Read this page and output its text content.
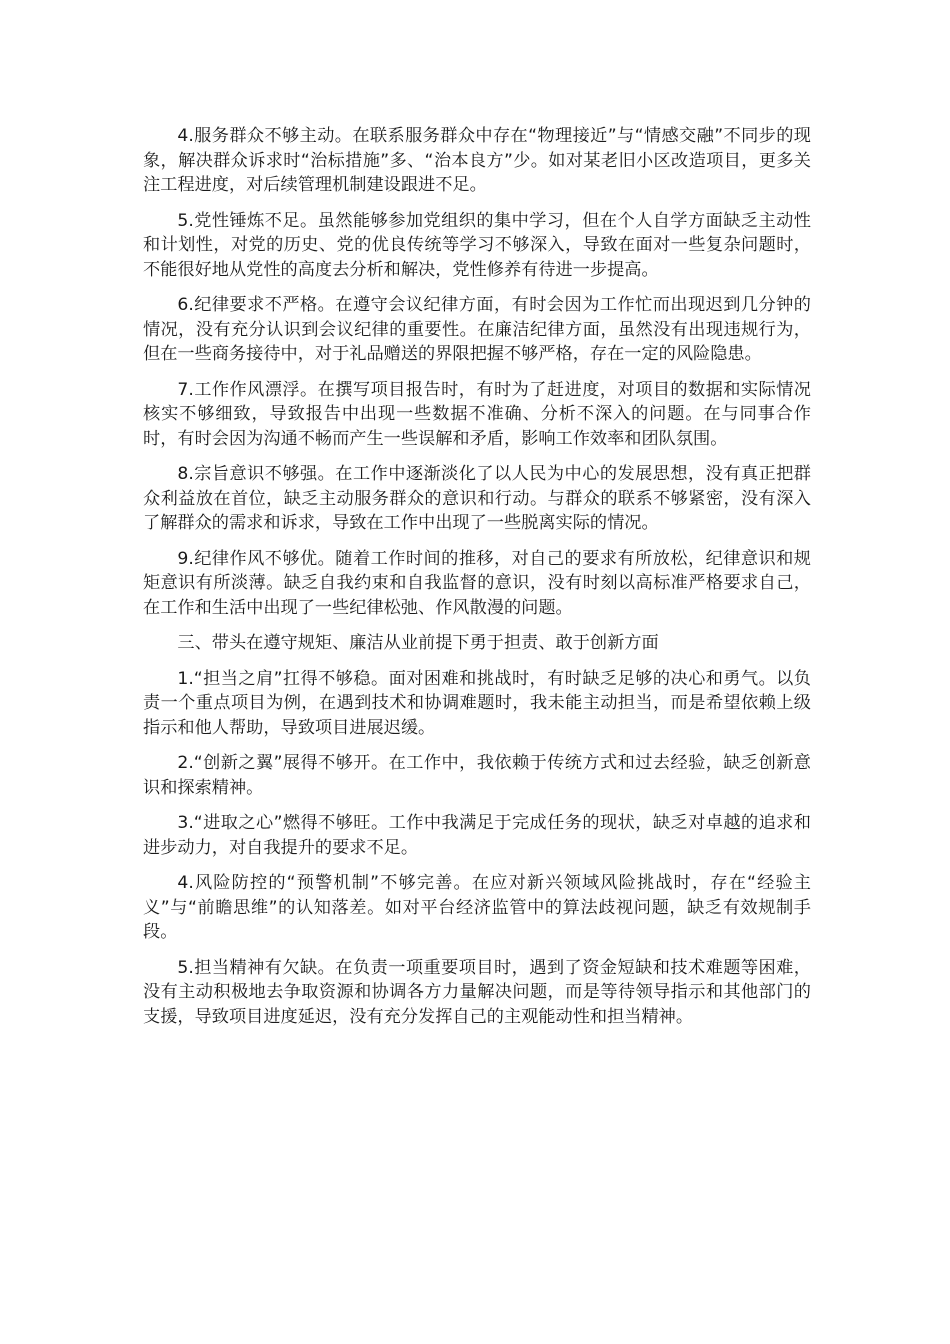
4.服务群众不够主动。在联系服务群众中存在“物理接近”与“情感交融”不同步的现象，解决群众诉求时“治标措施”多、“治本良方”少。如对某老旧小区改造项目，更多关注工程进度，对后续管理机制建设跟进不足。

5.党性锤炼不足。虽然能够参加党组织的集中学习，但在个人自学方面缺乏主动性和计划性，对党的历史、党的优良传统等学习不够深入，导致在面对一些复杂问题时，不能很好地从党性的高度去分析和解决，党性修养有待进一步提高。

6.纪律要求不严格。在遵守会议纪律方面，有时会因为工作忙而出现迟到几分钟的情况，没有充分认识到会议纪律的重要性。在廉洁纪律方面，虽然没有出现违规行为，但在一些商务接待中，对于礼品赠送的界限把握不够严格，存在一定的风险隐患。

7.工作作风漂浮。在撰写项目报告时，有时为了赶进度，对项目的数据和实际情况核实不够细致，导致报告中出现一些数据不准确、分析不深入的问题。在与同事合作时，有时会因为沟通不畅而产生一些误解和矛盾，影响工作效率和团队氛围。

8.宗旨意识不够强。在工作中逐渐淡化了以人民为中心的发展思想，没有真正把群众利益放在首位，缺乏主动服务群众的意识和行动。与群众的联系不够紧密，没有深入了解群众的需求和诉求，导致在工作中出现了一些脱离实际的情况。

9.纪律作风不够优。随着工作时间的推移，对自己的要求有所放松，纪律意识和规矩意识有所淡薄。缺乏自我约束和自我监督的意识，没有时刻以高标准严格要求自己，在工作和生活中出现了一些纪律松弛、作风散漫的问题。

三、带头在遵守规矩、廉洁从业前提下勇于担责、敢于创新方面

1.“担当之肩”扛得不够稳。面对困难和挑战时，有时缺乏足够的决心和勇气。以负责一个重点项目为例，在遇到技术和协调难题时，我未能主动担当，而是希望依赖上级指示和他人帮助，导致项目进展迟缓。

2.“创新之翼”展得不够开。在工作中，我依赖于传统方式和过去经验，缺乏创新意识和探索精神。

3.“进取之心”燃得不够旺。工作中我满足于完成任务的现状，缺乏对卓越的追求和进步动力，对自我提升的要求不足。

4.风险防控的“预警机制”不够完善。在应对新兴领域风险挑战时，存在“经验主义”与“前瞻思维”的认知落差。如对平台经济监管中的算法歧视问题，缺乏有效规制手段。

5.担当精神有欠缺。在负责一项重要项目时，遇到了资金短缺和技术难题等困难，没有主动积极地去争取资源和协调各方力量解决问题，而是等待领导指示和其他部门的支援，导致项目进度延迟，没有充分发挥自己的主观能动性和担当精神。
